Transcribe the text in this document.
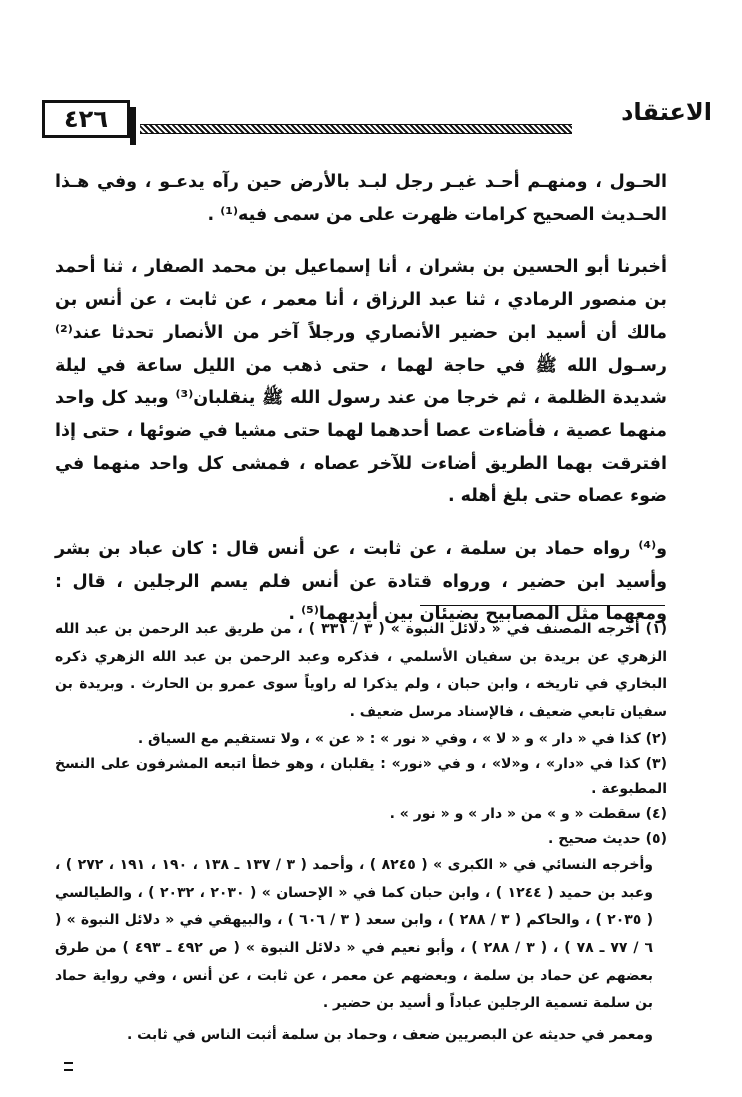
٤٢٦	الاعتقاد

الحـول ، ومنهـم أحـد غيـر رجل لبـد بالأرض حين رآه يدعـو ، وفي هـذا الحـديث الصحيح كرامات ظهرت على من سمى فيه⁽¹⁾ .

أخبرنا أبو الحسين بن بشران ، أنا إسماعيل بن محمد الصفار ، ثنا أحمد بن منصور الرمادي ، ثنا عبد الرزاق ، أنا معمر ، عن ثابت ، عن أنس بن مالك أن أسيد ابن حضير الأنصاري ورجلاً آخر من الأنصار تحدثا عند⁽²⁾ رسـول الله ﷺ في حاجة لهما ، حتى ذهب من الليل ساعة في ليلة شديدة الظلمة ، ثم خرجا من عند رسول الله ﷺ ينقلبان⁽³⁾ وبيد كل واحد منهما عصية ، فأضاءت عصا أحدهما لهما حتى مشيا في ضوئها ، حتى إذا افترقت بهما الطريق أضاءت للآخر عصاه ، فمشى كل واحد منهما في ضوء عصاه حتى بلغ أهله .

و⁽⁴⁾ رواه حماد بن سلمة ، عن ثابت ، عن أنس قال : كان عباد بن بشر وأسيد ابن حضير ، ورواه قتادة عن أنس فلم يسم الرجلين ، قال : ومعهما مثل المصابيح يضيئان بين أيديهما⁽⁵⁾ .

(١) أخرجه المصنف في « دلائل النبوة » ( ٣ / ٣٣١ ) ، من طريق عبد الرحمن بن عبد الله الزهري عن بريدة بن سفيان الأسلمي ، فذكره وعبد الرحمن بن عبد الله الزهري ذكره البخاري في تاريخه ، وابن حبان ، ولم يذكرا له راوياً سوى عمرو بن الحارث . وبريدة بن سفيان تابعي ضعيف ، فالإسناد مرسل ضعيف .

(٢) كذا في « دار » و « لا » ، وفي « نور » : « عن » ، ولا تستقيم مع السياق .

(٣) كذا في «دار» ، و«لا» ، و في «نور» : يقلبان ، وهو خطأ اتبعه المشرفون على النسخ المطبوعة .

(٤) سقطت « و » من « دار » و « نور » .

(٥) حديث صحيح .

وأخرجه النسائي في « الكبرى » ( ٨٢٤٥ ) ، وأحمد ( ٣ / ١٣٧ ـ ١٣٨ ، ١٩٠ ، ١٩١ ، ٢٧٢ ) ، وعبد بن حميد ( ١٢٤٤ ) ، وابن حبان كما في « الإحسان » ( ٢٠٣٠ ، ٢٠٣٢ ) ، والطيالسي ( ٢٠٣٥ ) ، والحاكم ( ٣ / ٢٨٨ ) ، وابن سعد ( ٣ / ٦٠٦ ) ، والبيهقي في « دلائل النبوة » ( ٦ / ٧٧ ـ ٧٨ ) ، ( ٣ / ٢٨٨ ) ، وأبو نعيم في « دلائل النبوة » ( ص ٤٩٢ ـ ٤٩٣ ) من طرق بعضهم عن حماد بن سلمة ، وبعضهم عن معمر ، عن ثابت ، عن أنس ، وفي رواية حماد بن سلمة تسمية الرجلين عباداً و أسيد بن حضير .

ومعمر في حديثه عن البصريين ضعف ، وحماد بن سلمة أثبت الناس في ثابت .
